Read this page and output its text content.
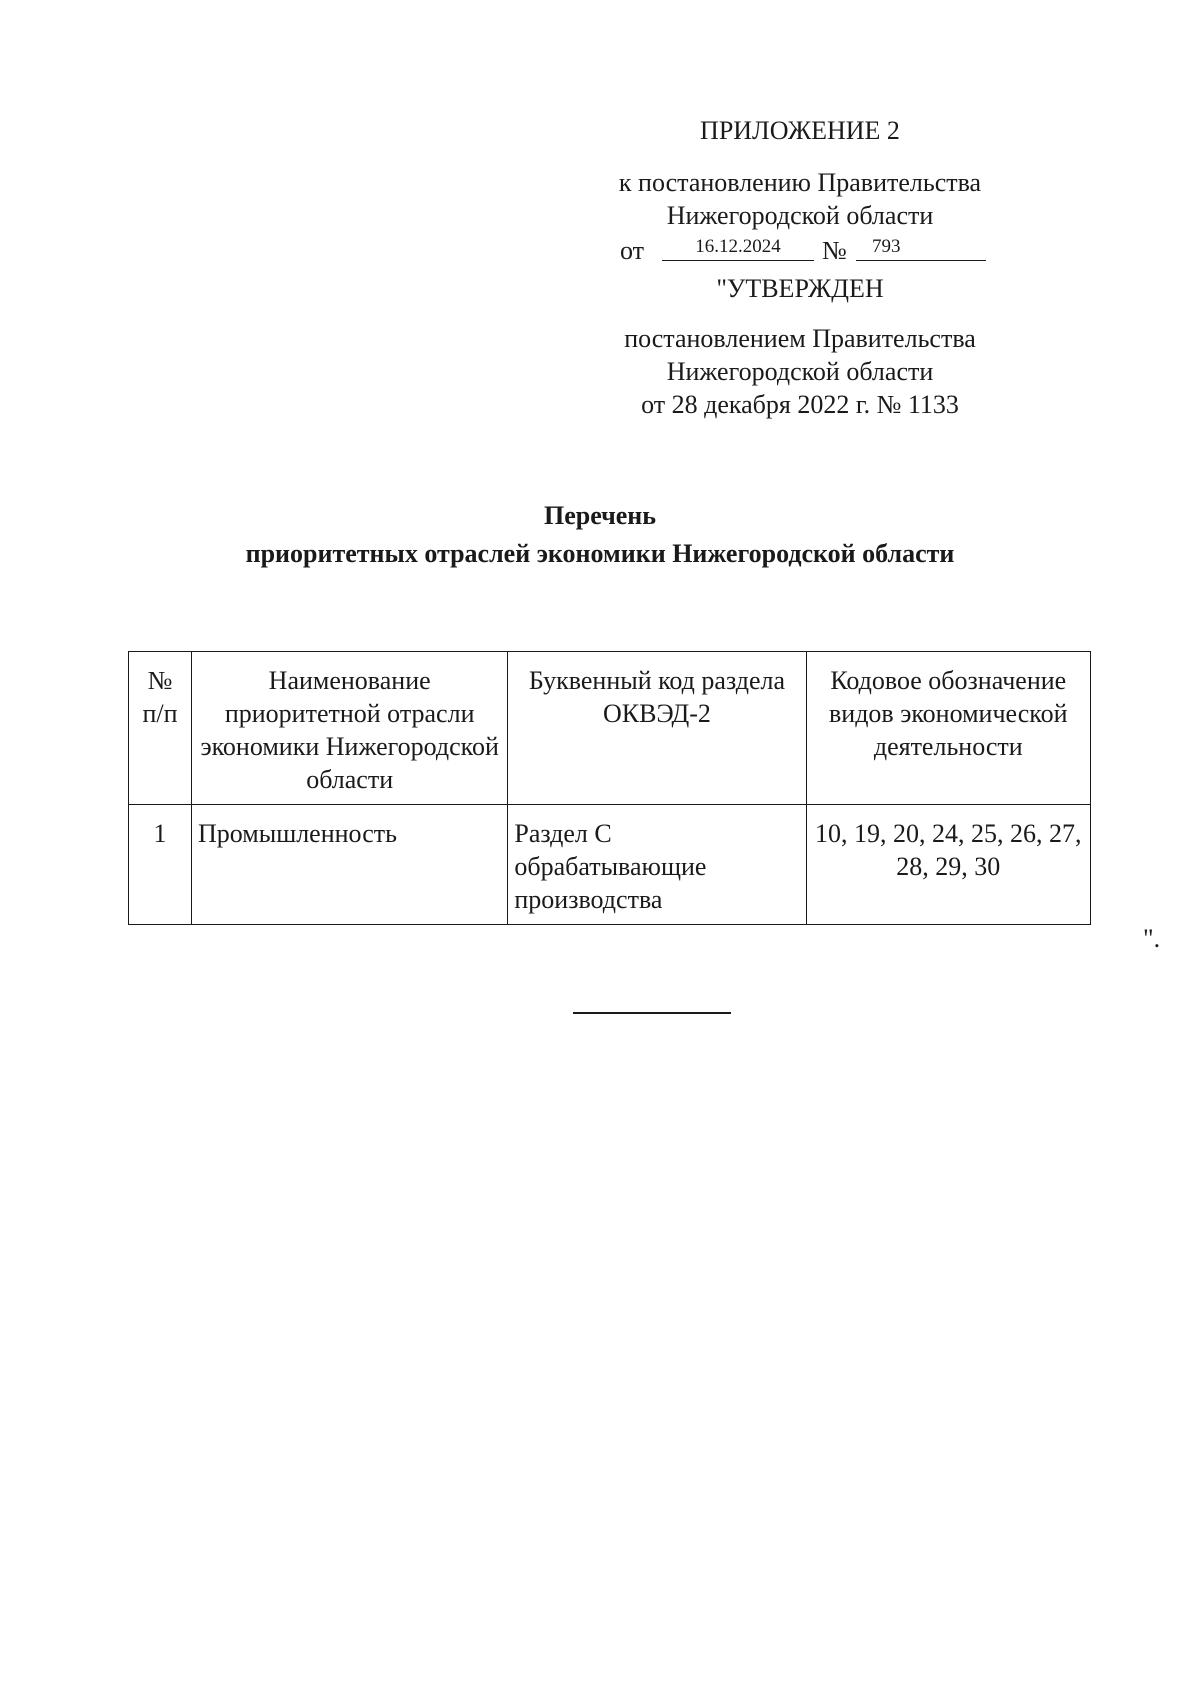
ПРИЛОЖЕНИЕ 2
к постановлению Правительства
Нижегородской области
от	16.12.2024	№	793
"УТВЕРЖДЕН
постановлением Правительства
Нижегородской области
от 28 декабря 2022 г. № 1133
Перечень
приоритетных отраслей экономики Нижегородской области
№
п/п	Наименование приоритетной отрасли экономики Нижегородской области	Буквенный код раздела ОКВЭД-2	Кодовое обозначение видов экономической деятельности
1	Промышленность	Раздел С обрабатывающие производства	10, 19, 20, 24, 25, 26, 27, 28, 29, 30
".
